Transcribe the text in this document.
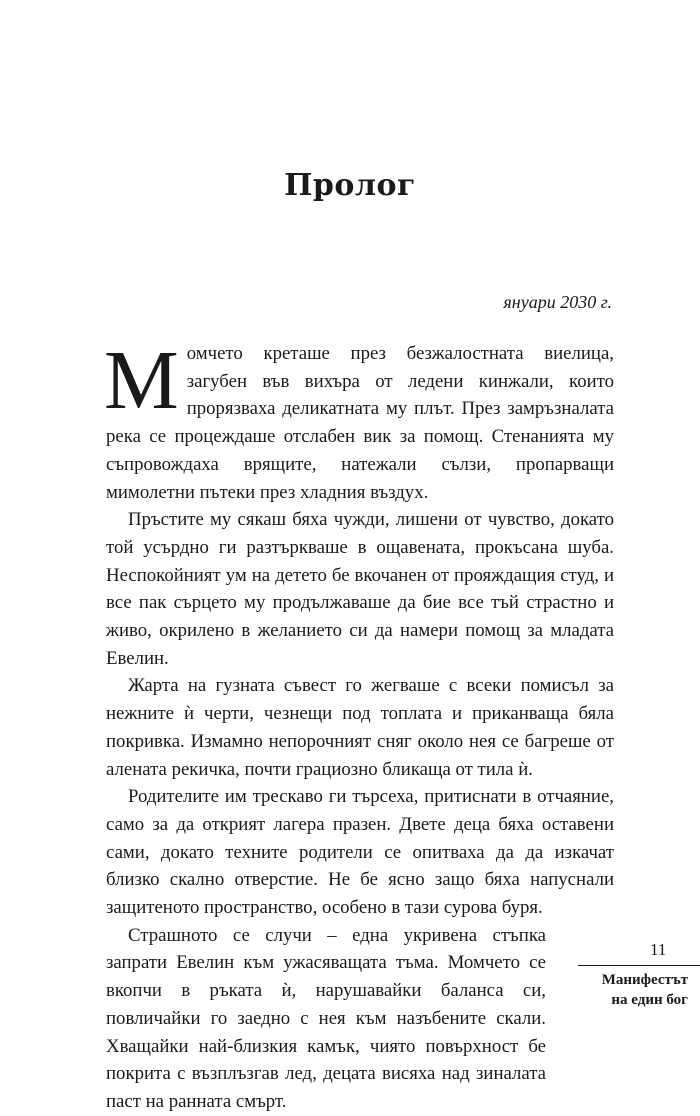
Пролог
януари 2030 г.

Момчето креташе през безжалостната виелица, загубен във вихъра от ледени кинжали, които прорязваха деликатната му плът. През замръзналата река се процеждаше отслабен вик за помощ. Стенанията му съпровождаха врящите, натежали сълзи, пропарващи мимолетни пътеки през хладния въздух.

Пръстите му сякаш бяха чужди, лишени от чувство, докато той усърдно ги разтъркваше в ощавената, прокъсана шуба. Неспокойният ум на детето бе вкочанен от прояждащия студ, и все пак сърцето му продължаваше да бие все тъй страстно и живо, окрилено в желанието си да намери помощ за младата Евелин.

Жарта на гузната съвест го жегваше с всеки помисъл за нежните ѝ черти, чезнещи под топлата и приканваща бяла покривка. Измамно непорочният сняг около нея се багреше от алената рекичка, почти грациозно бликаща от тила ѝ.

Родителите им трескаво ги търсеха, притиснати в отчаяние, само за да открият лагера празен. Двете деца бяха оставени сами, докато техните родители се опитваха да да изкачат близко скално отверстие. Не бе ясно защо бяха напуснали защитеното пространство, особено в тази сурова буря.

Страшното се случи – една укривена стъпка запрати Евелин към ужасяващата тъма. Момчето се вкопчи в ръката ѝ, нарушавайки баланса си, повличайки го заедно с нея към назъбените скали. Хващайки най-близкия камък, чиято повърхност бе покрита с възплъзгав лед, децата висяха над зиналата паст на ранната смърт.

11
Манифестът
на един бог
